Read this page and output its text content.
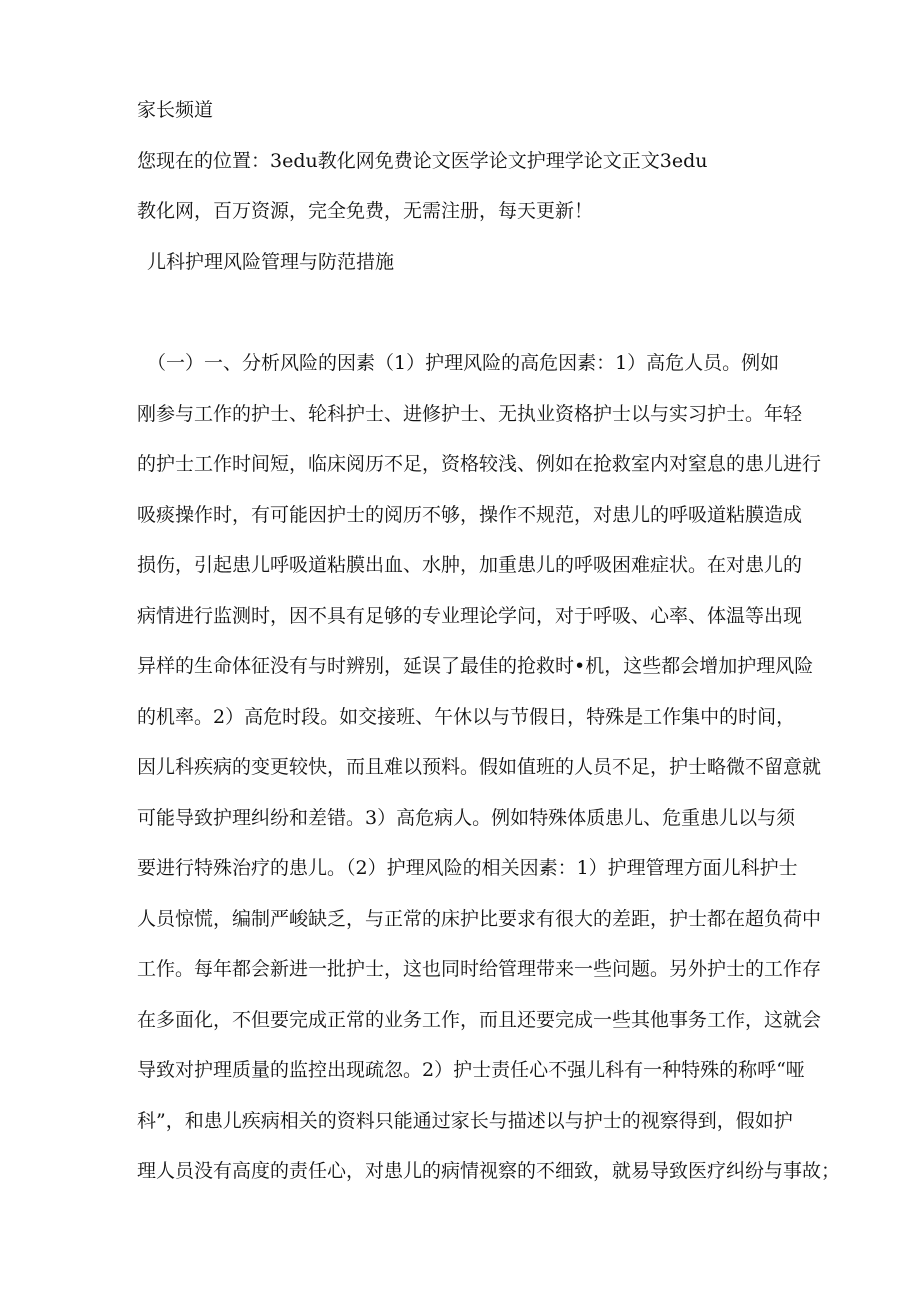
家长频道
您现在的位置：3edu教化网免费论文医学论文护理学论文正文3edu
教化网，百万资源，完全免费，无需注册，每天更新！
儿科护理风险管理与防范措施
（一）一、分析风险的因素（1）护理风险的高危因素：1）高危人员。例如
刚参与工作的护士、轮科护士、进修护士、无执业资格护士以与实习护士。年轻
的护士工作时间短，临床阅历不足，资格较浅、例如在抢救室内对窒息的患儿进行
吸痰操作时，有可能因护士的阅历不够，操作不规范，对患儿的呼吸道粘膜造成
损伤，引起患儿呼吸道粘膜出血、水肿，加重患儿的呼吸困难症状。在对患儿的
病情进行监测时，因不具有足够的专业理论学问，对于呼吸、心率、体温等出现
异样的生命体征没有与时辨别，延误了最佳的抢救时•机，这些都会增加护理风险
的机率。2）高危时段。如交接班、午休以与节假日，特殊是工作集中的时间，
因儿科疾病的变更较快，而且难以预料。假如值班的人员不足，护士略微不留意就
可能导致护理纠纷和差错。3）高危病人。例如特殊体质患儿、危重患儿以与须
要进行特殊治疗的患儿。（2）护理风险的相关因素：1）护理管理方面儿科护士
人员惊慌，编制严峻缺乏，与正常的床护比要求有很大的差距，护士都在超负荷中
工作。每年都会新进一批护士，这也同时给管理带来一些问题。另外护士的工作存
在多面化，不但要完成正常的业务工作，而且还要完成一些其他事务工作，这就会
导致对护理质量的监控出现疏忽。2）护士责任心不强儿科有一种特殊的称呼“哑
科”，和患儿疾病相关的资料只能通过家长与描述以与护士的视察得到，假如护
理人员没有高度的责任心，对患儿的病情视察的不细致，就易导致医疗纠纷与事故；
